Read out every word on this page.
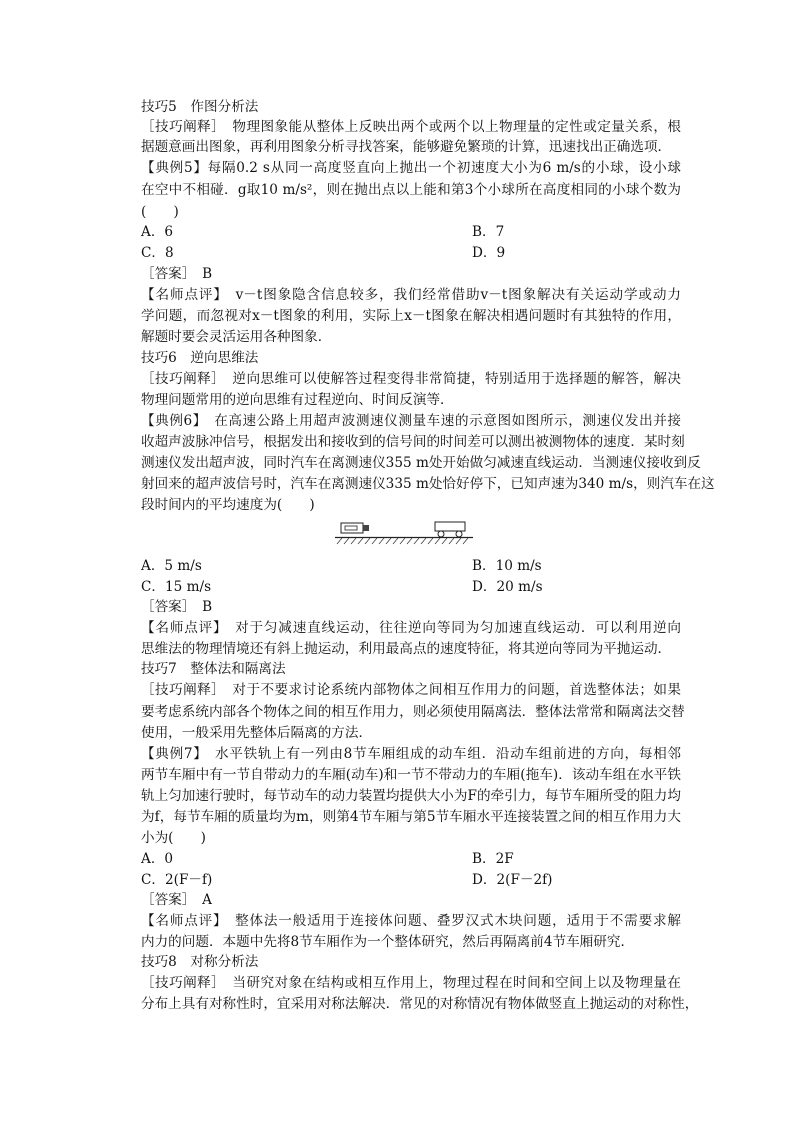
技巧5　作图分析法
［技巧阐释］　物理图象能从整体上反映出两个或两个以上物理量的定性或定量关系，根
据题意画出图象，再利用图象分析寻找答案，能够避免繁琐的计算，迅速找出正确选项．
【典例5】每隔0.2 s从同一高度竖直向上抛出一个初速度大小为6 m/s的小球，设小球
在空中不相碰．g取10 m/s²，则在抛出点以上能和第3个小球所在高度相同的小球个数为
(　　)
A．6	B．7
C．8	D．9
［答案］　B
【名师点评】　v－t图象隐含信息较多，我们经常借助v－t图象解决有关运动学或动力
学问题，而忽视对x－t图象的利用，实际上x－t图象在解决相遇问题时有其独特的作用，
解题时要会灵活运用各种图象．
技巧6　逆向思维法
［技巧阐释］　逆向思维可以使解答过程变得非常简捷，特别适用于选择题的解答，解决
物理问题常用的逆向思维有过程逆向、时间反演等．
【典例6】　在高速公路上用超声波测速仪测量车速的示意图如图所示，测速仪发出并接
收超声波脉冲信号，根据发出和接收到的信号间的时间差可以测出被测物体的速度．某时刻
测速仪发出超声波，同时汽车在离测速仪355 m处开始做匀减速直线运动．当测速仪接收到反
射回来的超声波信号时，汽车在离测速仪335 m处恰好停下，已知声速为340 m/s，则汽车在这
段时间内的平均速度为(　　)
A．5 m/s	B．10 m/s
C．15 m/s	D．20 m/s
［答案］　B
【名师点评】　对于匀减速直线运动，往往逆向等同为匀加速直线运动．可以利用逆向
思维法的物理情境还有斜上抛运动，利用最高点的速度特征，将其逆向等同为平抛运动．
技巧7　整体法和隔离法
［技巧阐释］　对于不要求讨论系统内部物体之间相互作用力的问题，首选整体法；如果
要考虑系统内部各个物体之间的相互作用力，则必须使用隔离法．整体法常常和隔离法交替
使用，一般采用先整体后隔离的方法．
【典例7】　水平铁轨上有一列由8节车厢组成的动车组．沿动车组前进的方向，每相邻
两节车厢中有一节自带动力的车厢(动车)和一节不带动力的车厢(拖车)．该动车组在水平铁
轨上匀加速行驶时，每节动车的动力装置均提供大小为F的牵引力，每节车厢所受的阻力均
为f，每节车厢的质量均为m，则第4节车厢与第5节车厢水平连接装置之间的相互作用力大
小为(　　)
A．0	B．2F
C．2(F－f)	D．2(F－2f)
［答案］　A
【名师点评】　整体法一般适用于连接体问题、叠罗汉式木块问题，适用于不需要求解
内力的问题．本题中先将8节车厢作为一个整体研究，然后再隔离前4节车厢研究．
技巧8　对称分析法
［技巧阐释］　当研究对象在结构或相互作用上，物理过程在时间和空间上以及物理量在
分布上具有对称性时，宜采用对称法解决．常见的对称情况有物体做竖直上抛运动的对称性，
